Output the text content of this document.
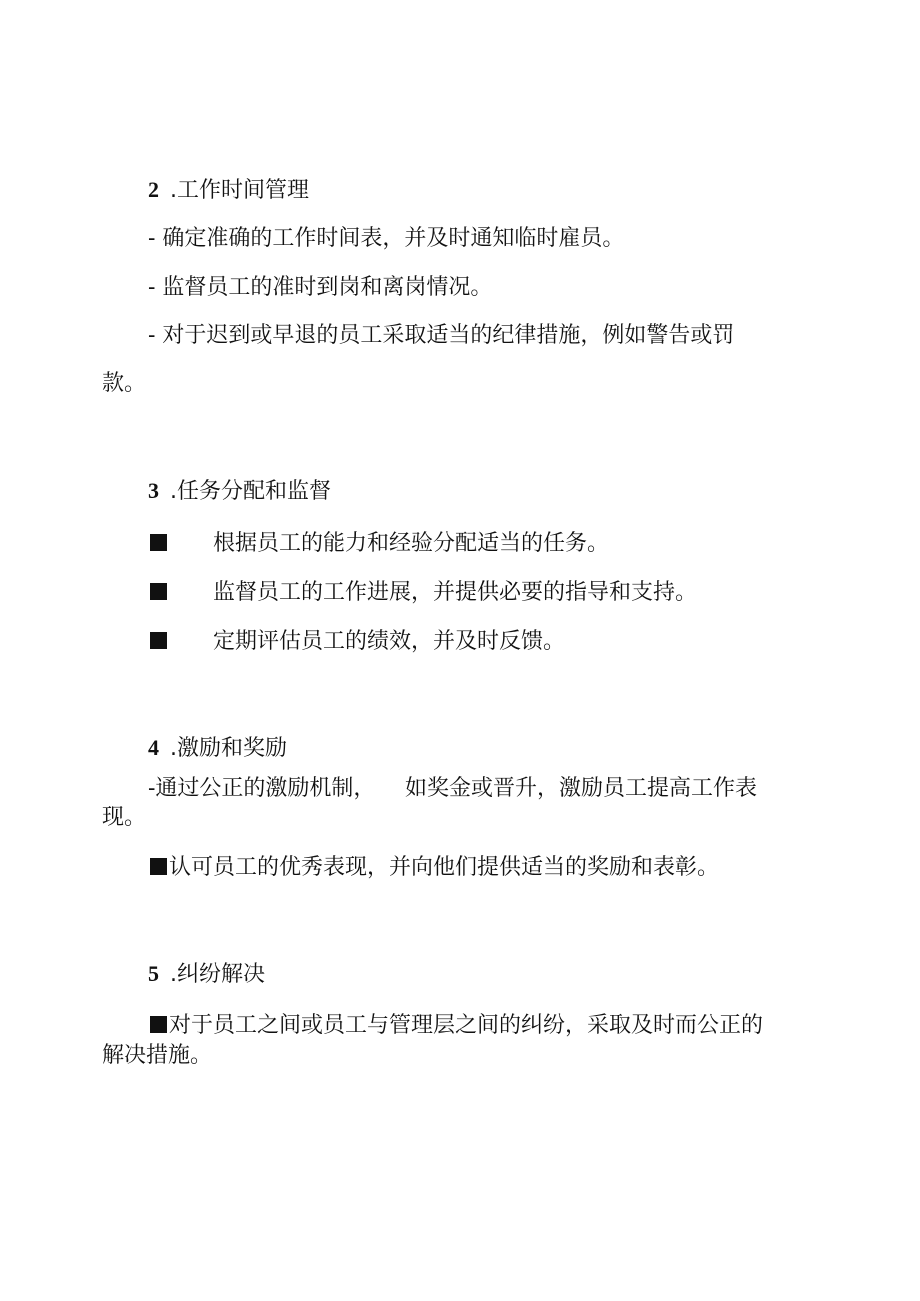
2 .工作时间管理
- 确定准确的工作时间表，并及时通知临时雇员。
- 监督员工的准时到岗和离岗情况。
- 对于迟到或早退的员工采取适当的纪律措施，例如警告或罚
款。
3 .任务分配和监督
根据员工的能力和经验分配适当的任务。
监督员工的工作进展，并提供必要的指导和支持。
定期评估员工的绩效，并及时反馈。
4 .激励和奖励
-通过公正的激励机制， 如奖金或晋升，激励员工提高工作表
现。
认可员工的优秀表现，并向他们提供适当的奖励和表彰。
5 .纠纷解决
对于员工之间或员工与管理层之间的纠纷，采取及时而公正的
解决措施。
